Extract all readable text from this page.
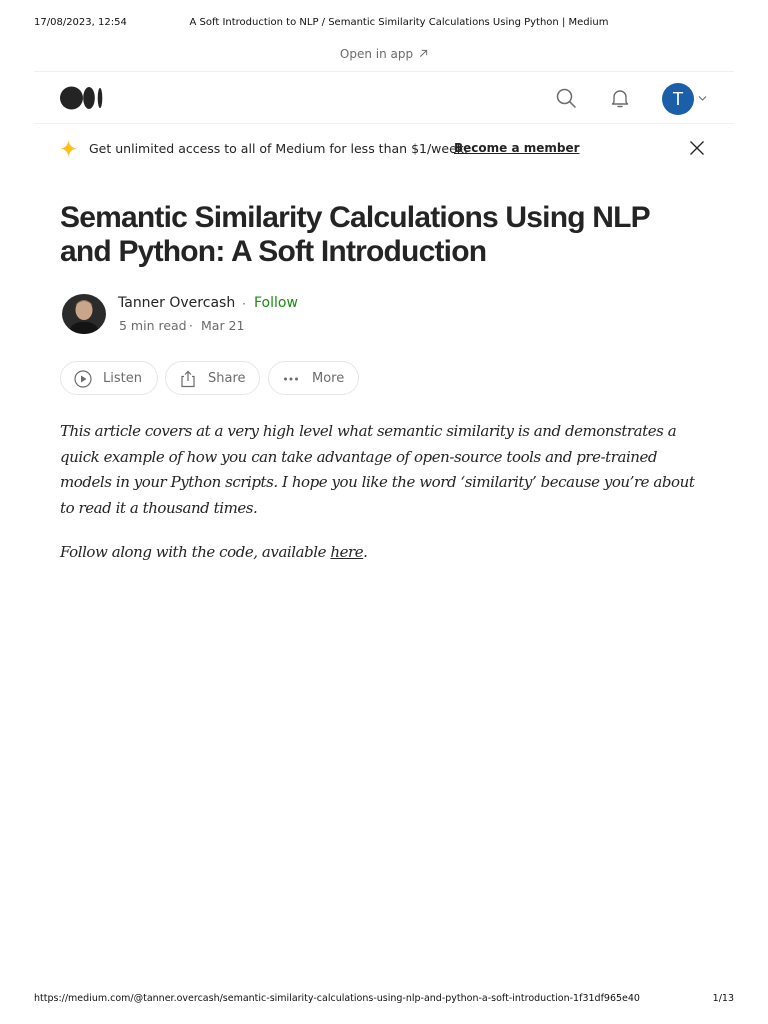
17/08/2023, 12:54	A Soft Introduction to NLP / Semantic Similarity Calculations Using Python | Medium
Open in app
T
Get unlimited access to all of Medium for less than $1/week.
Become a member
Semantic Similarity Calculations Using NLP
and Python: A Soft Introduction
Tanner Overcash · Follow
5 min read · Mar 21
Listen	Share	More

This article covers at a very high level what semantic similarity is and demonstrates a quick example of how you can take advantage of open-source tools and pre-trained models in your Python scripts. I hope you like the word ‘similarity’ because you’re about to read it a thousand times.

Follow along with the code, available here.

https://medium.com/@tanner.overcash/semantic-similarity-calculations-using-nlp-and-python-a-soft-introduction-1f31df965e40	1/13
